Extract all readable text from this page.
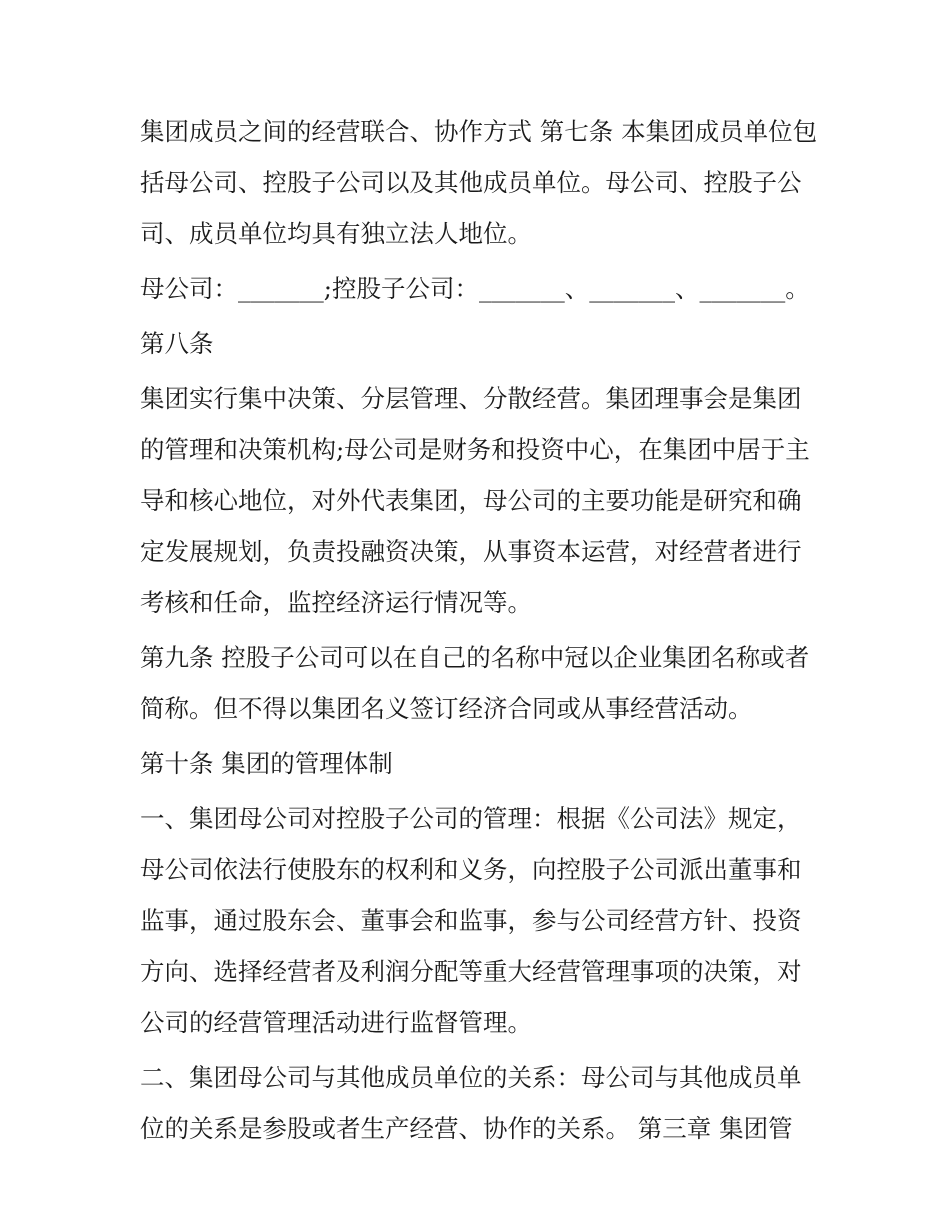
集团成员之间的经营联合、协作方式 第七条 本集团成员单位包括母公司、控股子公司以及其他成员单位。母公司、控股子公司、成员单位均具有独立法人地位。

母公司：_______;控股子公司：_______、_______、_______。

第八条

集团实行集中决策、分层管理、分散经营。集团理事会是集团的管理和决策机构;母公司是财务和投资中心，在集团中居于主导和核心地位，对外代表集团，母公司的主要功能是研究和确定发展规划，负责投融资决策，从事资本运营，对经营者进行考核和任命，监控经济运行情况等。

第九条 控股子公司可以在自己的名称中冠以企业集团名称或者简称。但不得以集团名义签订经济合同或从事经营活动。

第十条 集团的管理体制

一、集团母公司对控股子公司的管理：根据《公司法》规定，母公司依法行使股东的权利和义务，向控股子公司派出董事和监事，通过股东会、董事会和监事，参与公司经营方针、投资方向、选择经营者及利润分配等重大经营管理事项的决策，对公司的经营管理活动进行监督管理。

二、集团母公司与其他成员单位的关系：母公司与其他成员单位的关系是参股或者生产经营、协作的关系。 第三章 集团管
